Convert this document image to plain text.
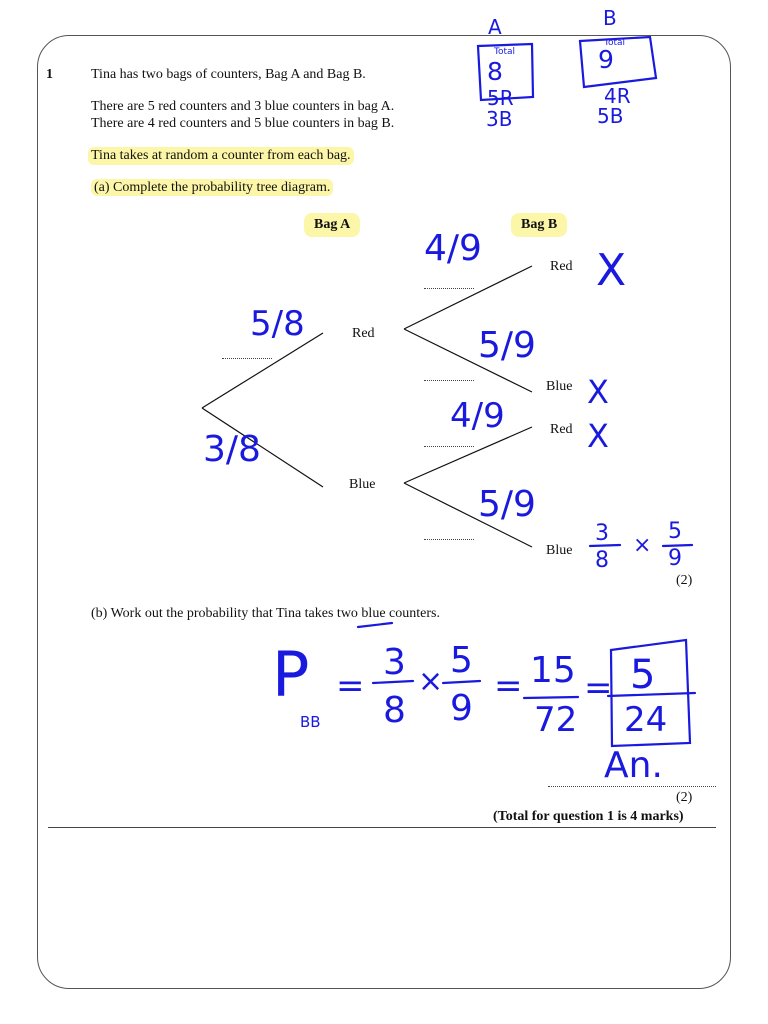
1	Tina has two bags of counters, Bag A and Bag B.
There are 5 red counters and 3 blue counters in bag A.
There are 4 red counters and 5 blue counters in bag B.
Tina takes at random a counter from each bag.
(a) Complete the probability tree diagram.
Bag A	Bag B
Red
Blue
Red
Blue
Red
Blue
(2)
(b) Work out the probability that Tina takes two blue counters.
(2)
(Total for question 1 is 4 marks)
A
Total
8
5R
3B
B
Total
9
4R
5B
5/8
3/8
4/9
5/9
4/9
5/9
X
X
X
3
8
×
5
9
P
BB
=
3
8
×
5
9
= 15
72
= 5
24
An.
